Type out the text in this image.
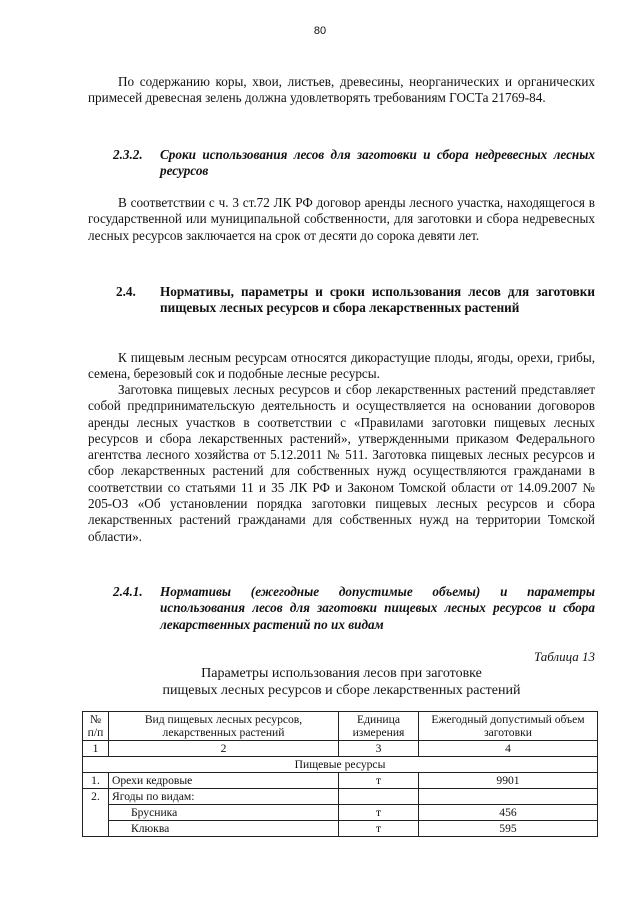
80

По содержанию коры, хвои, листьев, древесины, неорганических и органических примесей древесная зелень должна удовлетворять требованиям ГОСТа 21769-84.

2.3.2.	Сроки использования лесов для заготовки и сбора недревесных лесных ресурсов

В соответствии с ч. 3 ст.72 ЛК РФ договор аренды лесного участка, находящегося в государственной или муниципальной собственности, для заготовки и сбора недревесных лесных ресурсов заключается на срок от десяти до сорока девяти лет.

2.4.	Нормативы, параметры и сроки использования лесов для заготовки пищевых лесных ресурсов и сбора лекарственных растений

К пищевым лесным ресурсам относятся дикорастущие плоды, ягоды, орехи, грибы, семена, березовый сок и подобные лесные ресурсы.

Заготовка пищевых лесных ресурсов и сбор лекарственных растений представляет собой предпринимательскую деятельность и осуществляется на основании договоров аренды лесных участков в соответствии с «Правилами заготовки пищевых лесных ресурсов и сбора лекарственных растений», утвержденными приказом Федерального агентства лесного хозяйства от 5.12.2011 № 511. Заготовка пищевых лесных ресурсов и сбор лекарственных растений для собственных нужд осуществляются гражданами в соответствии со статьями 11 и 35 ЛК РФ и Законом Томской области от 14.09.2007 № 205-ОЗ «Об установлении порядка заготовки пищевых лесных ресурсов и сбора лекарственных растений гражданами для собственных нужд на территории Томской области».

2.4.1.	Нормативы (ежегодные допустимые объемы) и параметры использования лесов для заготовки пищевых лесных ресурсов и сбора лекарственных растений по их видам
Таблица 13
Параметры использования лесов при заготовке
пищевых лесных ресурсов и сборе лекарственных растений
№ п/п	Вид пищевых лесных ресурсов, лекарственных растений	Единица измерения	Ежегодный допустимый объем заготовки
1	2	3	4
Пищевые ресурсы			
1.	Орехи кедровые	т	9901
2.	Ягоды по видам:		
	Брусника	т	456
	Клюква	т	595
